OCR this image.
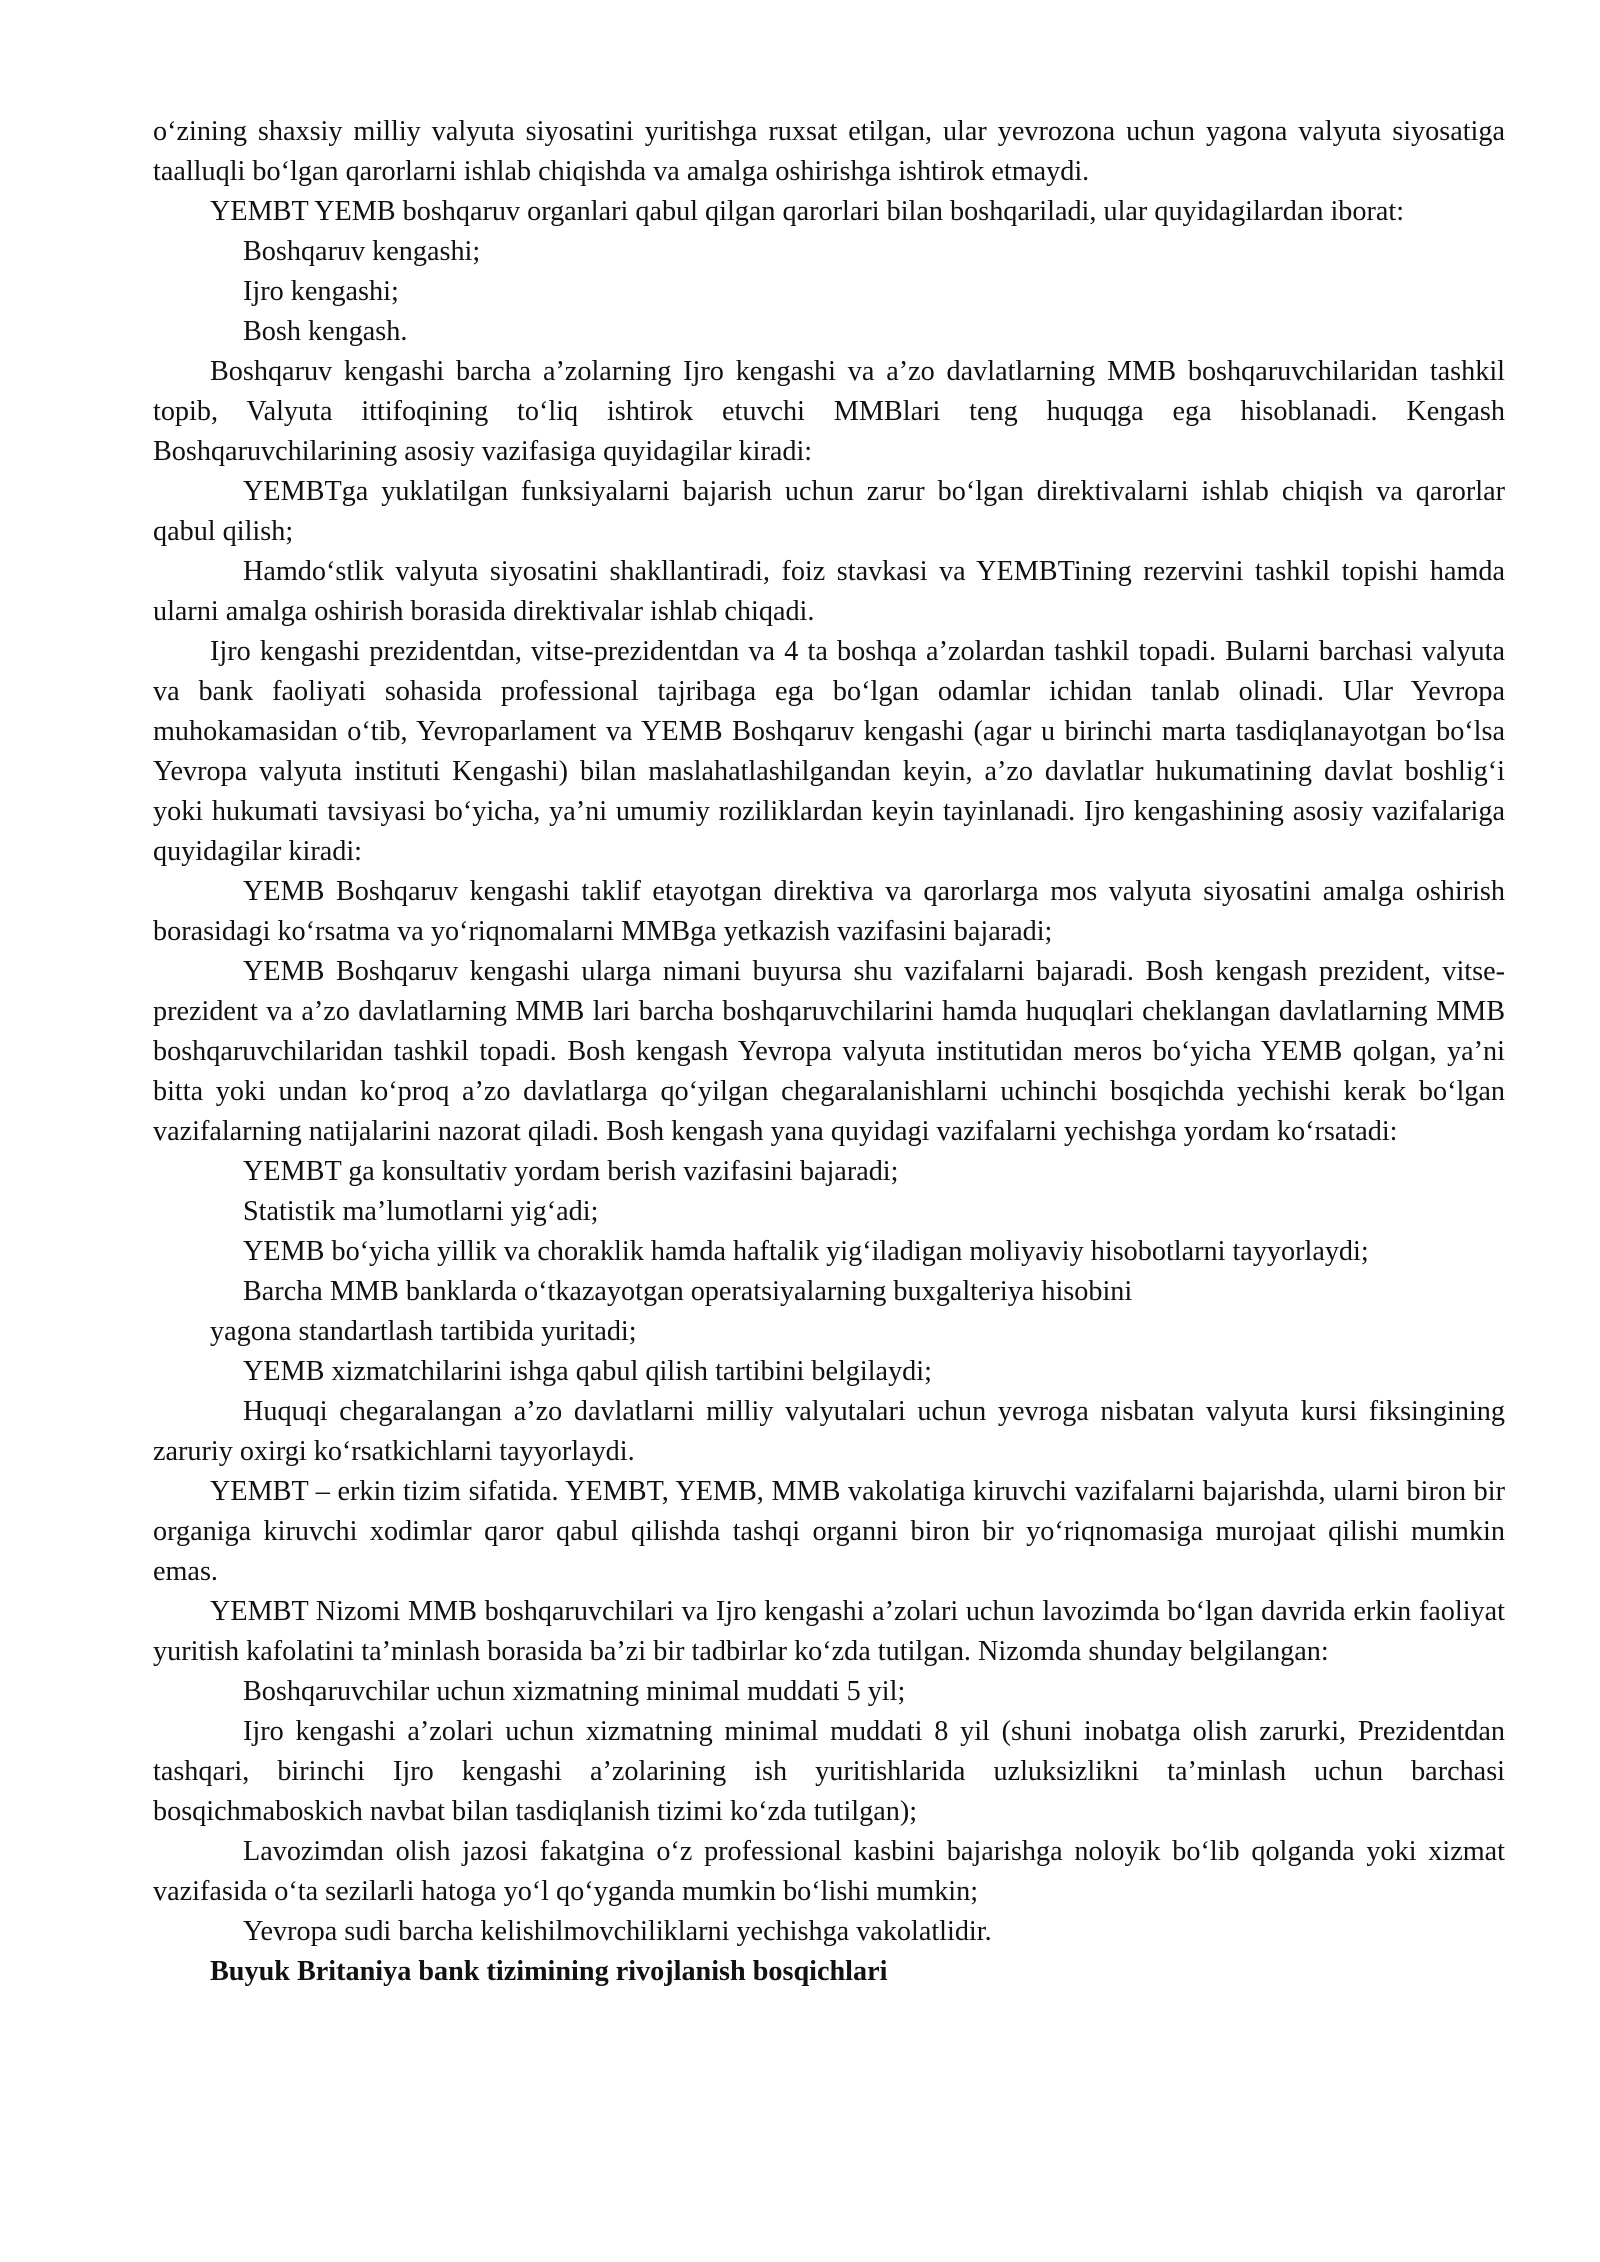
o‘zining shaxsiy milliy valyuta siyosatini yuritishga ruxsat etilgan, ular yevrozona uchun yagona valyuta siyosatiga taalluqli bo‘lgan qarorlarni ishlab chiqishda va amalga oshirishga ishtirok etmaydi.

YEMBT YEMB boshqaruv organlari qabul qilgan qarorlari bilan boshqariladi, ular quyidagilardan iborat:

Boshqaruv kengashi;

Ijro kengashi;

Bosh kengash.

Boshqaruv kengashi barcha a’zolarning Ijro kengashi va a’zo davlatlarning MMB boshqaruvchilaridan tashkil topib, Valyuta ittifoqining to‘liq ishtirok etuvchi MMBlari teng huquqga ega hisoblanadi. Kengash Boshqaruvchilarining asosiy vazifasiga quyidagilar kiradi:

YEMBTga yuklatilgan funksiyalarni bajarish uchun zarur bo‘lgan direktivalarni ishlab chiqish va qarorlar qabul qilish;

Hamdo‘stlik valyuta siyosatini shakllantiradi, foiz stavkasi va YEMBTining rezervini tashkil topishi hamda ularni amalga oshirish borasida direktivalar ishlab chiqadi.

Ijro kengashi prezidentdan, vitse-prezidentdan va 4 ta boshqa a’zolardan tashkil topadi. Bularni barchasi valyuta va bank faoliyati sohasida professional tajribaga ega bo‘lgan odamlar ichidan tanlab olinadi. Ular Yevropa muhokamasidan o‘tib, Yevroparlament va YEMB Boshqaruv kengashi (agar u birinchi marta tasdiqlanayotgan bo‘lsa Yevropa valyuta instituti Kengashi) bilan maslahatlashilgandan keyin, a’zo davlatlar hukumatining davlat boshlig‘i yoki hukumati tavsiyasi bo‘yicha, ya’ni umumiy roziliklardan keyin tayinlanadi. Ijro kengashining asosiy vazifalariga quyidagilar kiradi:

YEMB Boshqaruv kengashi taklif etayotgan direktiva va qarorlarga mos valyuta siyosatini amalga oshirish borasidagi ko‘rsatma va yo‘riqnomalarni MMBga yetkazish vazifasini bajaradi;

YEMB Boshqaruv kengashi ularga nimani buyursa shu vazifalarni bajaradi. Bosh kengash prezident, vitse-prezident va a’zo davlatlarning MMB lari barcha boshqaruvchilarini hamda huquqlari cheklangan davlatlarning MMB boshqaruvchilaridan tashkil topadi. Bosh kengash Yevropa valyuta institutidan meros bo‘yicha YEMB qolgan, ya’ni bitta yoki undan ko‘proq a’zo davlatlarga qo‘yilgan chegaralanishlarni uchinchi bosqichda yechishi kerak bo‘lgan vazifalarning natijalarini nazorat qiladi. Bosh kengash yana quyidagi vazifalarni yechishga yordam ko‘rsatadi:

YEMBT ga konsultativ yordam berish vazifasini bajaradi;

Statistik ma’lumotlarni yig‘adi;

YEMB bo‘yicha yillik va choraklik hamda haftalik yig‘iladigan moliyaviy hisobotlarni tayyorlaydi;

Barcha MMB banklarda o‘tkazayotgan operatsiyalarning buxgalteriya hisobini

yagona standartlash tartibida yuritadi;

YEMB xizmatchilarini ishga qabul qilish tartibini belgilaydi;

Huquqi chegaralangan a’zo davlatlarni milliy valyutalari uchun yevroga nisbatan valyuta kursi fiksingining zaruriy oxirgi ko‘rsatkichlarni tayyorlaydi.

YEMBT – erkin tizim sifatida. YEMBT, YEMB, MMB vakolatiga kiruvchi vazifalarni bajarishda, ularni biron bir organiga kiruvchi xodimlar qaror qabul qilishda tashqi organni biron bir yo‘riqnomasiga murojaat qilishi mumkin emas.

YEMBT Nizomi MMB boshqaruvchilari va Ijro kengashi a’zolari uchun lavozimda bo‘lgan davrida erkin faoliyat yuritish kafolatini ta’minlash borasida ba’zi bir tadbirlar ko‘zda tutilgan. Nizomda shunday belgilangan:

Boshqaruvchilar uchun xizmatning minimal muddati 5 yil;

Ijro kengashi a’zolari uchun xizmatning minimal muddati 8 yil (shuni inobatga olish zarurki, Prezidentdan tashqari, birinchi Ijro kengashi a’zolarining ish yuritishlarida uzluksizlikni ta’minlash uchun barchasi bosqichmaboskich navbat bilan tasdiqlanish tizimi ko‘zda tutilgan);

Lavozimdan olish jazosi fakatgina o‘z professional kasbini bajarishga noloyik bo‘lib qolganda yoki xizmat vazifasida o‘ta sezilarli hatoga yo‘l qo‘yganda mumkin bo‘lishi mumkin;

Yevropa sudi barcha kelishilmovchiliklarni yechishga vakolatlidir.

Buyuk Britaniya bank tizimining rivojlanish bosqichlari
